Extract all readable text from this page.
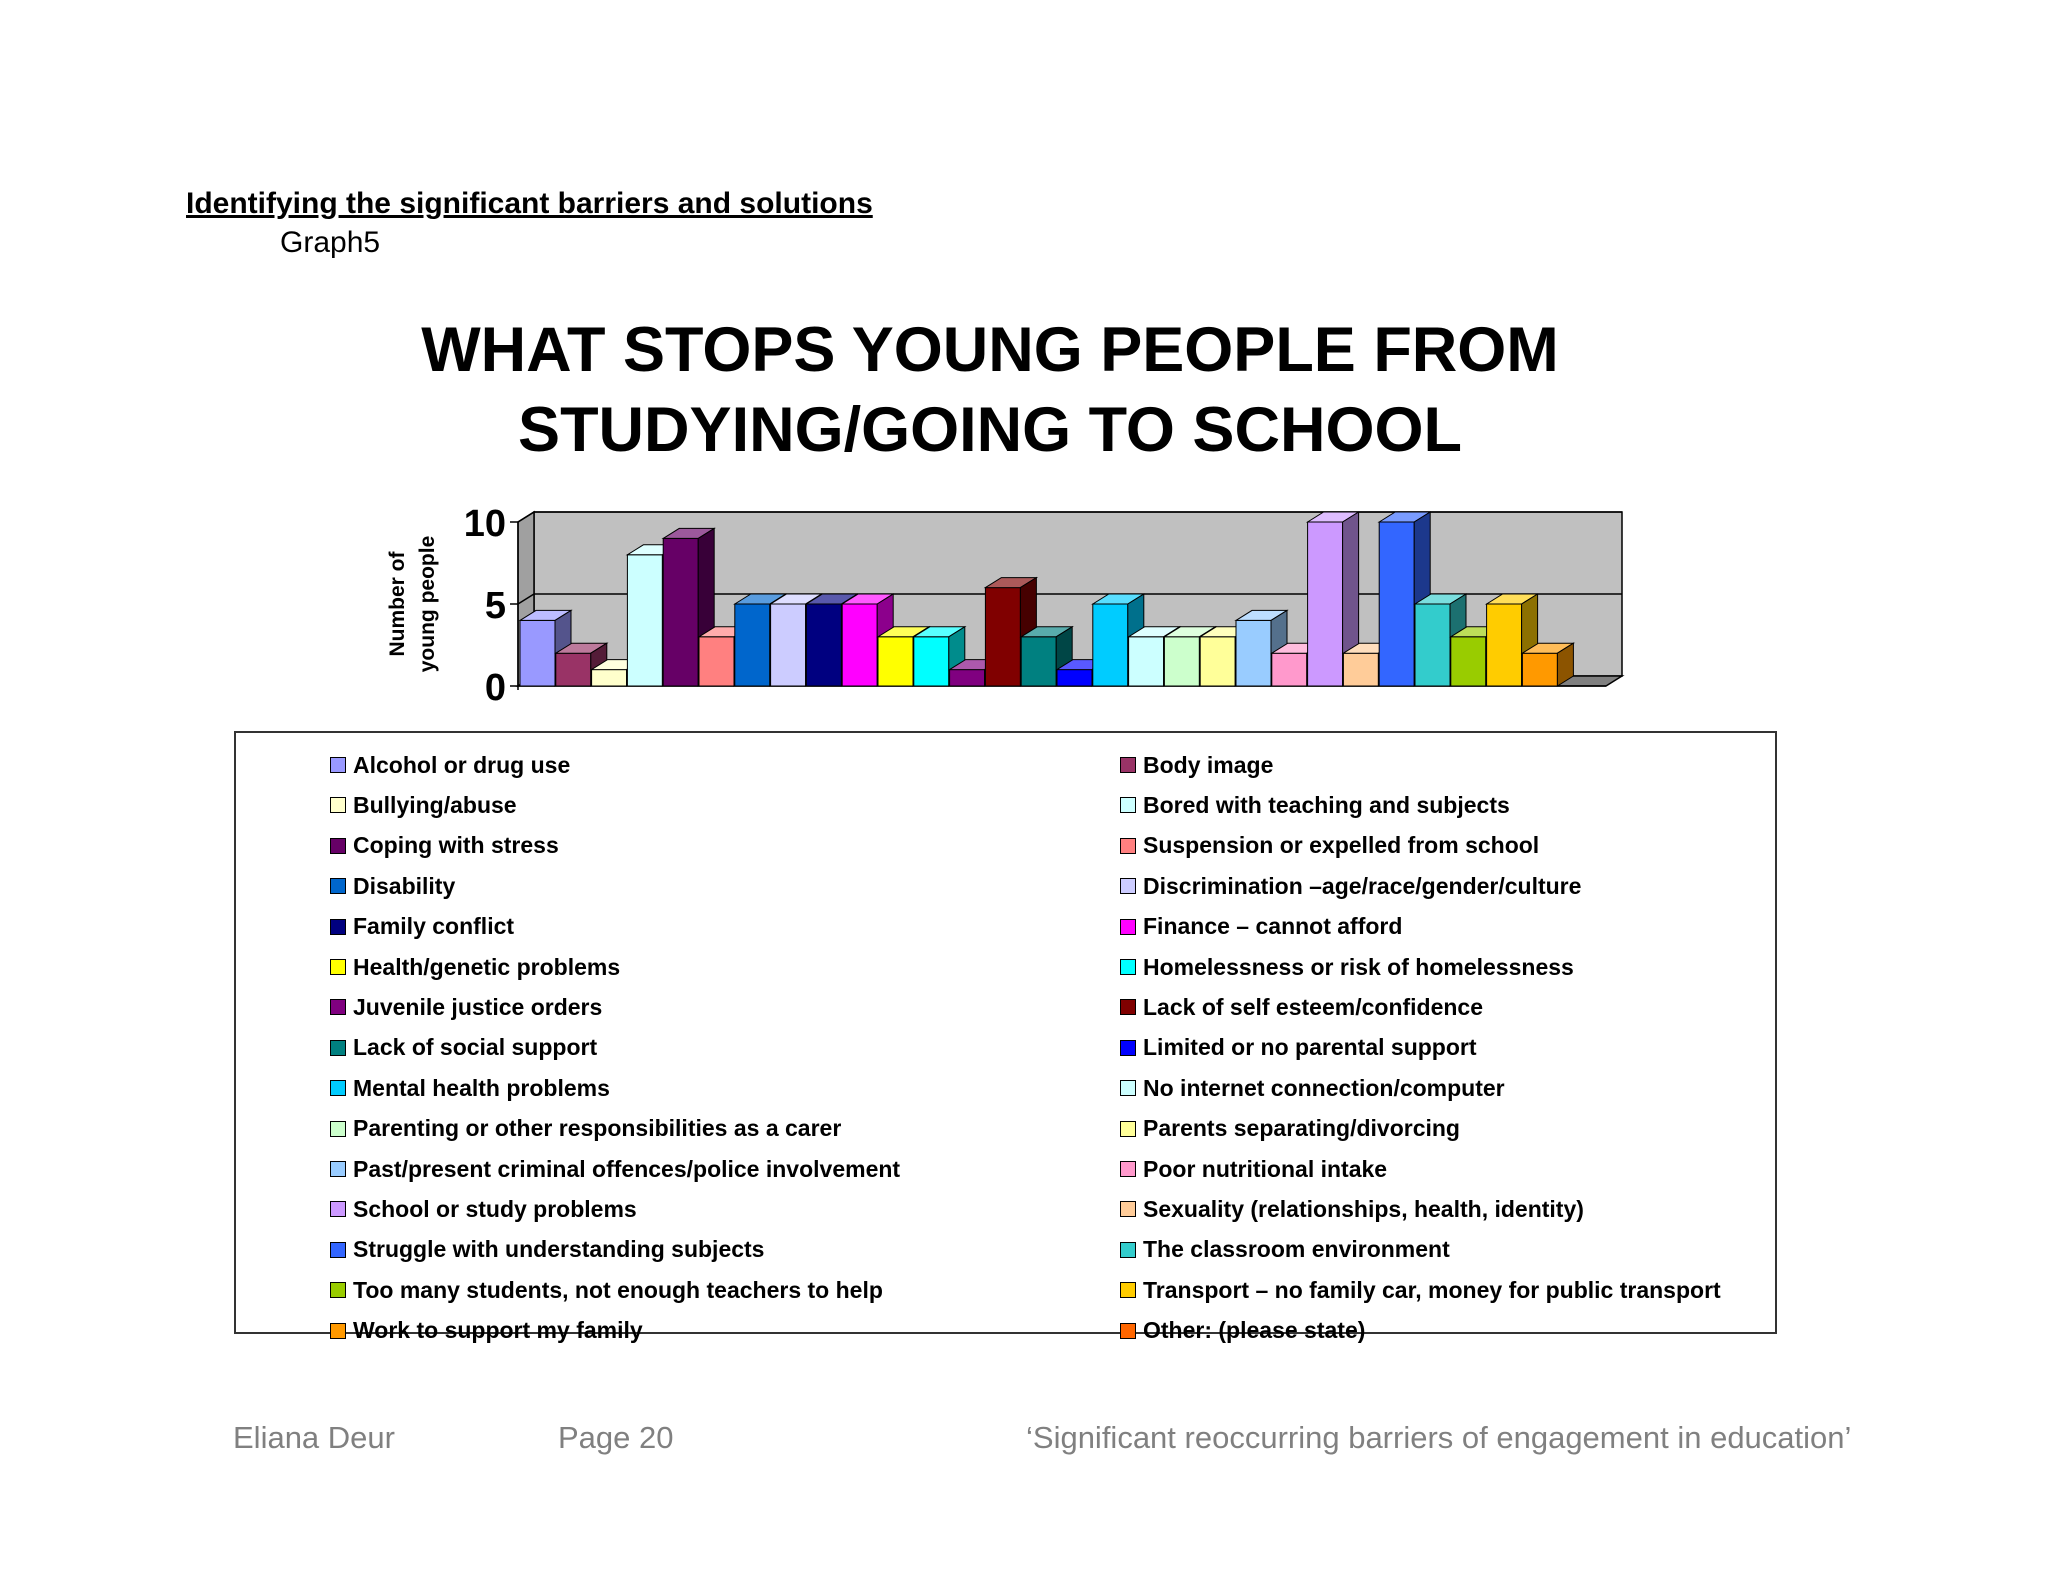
Identifying the significant barriers and solutions
Graph5
WHAT STOPS YOUNG PEOPLE FROM
STUDYING/GOING TO SCHOOL
Number of young people
0
5
10
Alcohol or drug use	Body image
Bullying/abuse	Bored with teaching and subjects
Coping with stress	Suspension or expelled from school
Disability	Discrimination –age/race/gender/culture
Family conflict	Finance – cannot afford
Health/genetic problems	Homelessness or risk of homelessness
Juvenile justice orders	Lack of self esteem/confidence
Lack of social support	Limited or no parental support
Mental health problems	No internet connection/computer
Parenting or other responsibilities as a carer	Parents separating/divorcing
Past/present criminal offences/police involvement	Poor nutritional intake
School or study problems	Sexuality (relationships, health, identity)
Struggle with understanding subjects	The classroom environment
Too many students, not enough teachers to help	Transport – no family car, money for public transport
Work to support my family	Other: (please state)
Eliana Deur	Page 20	‘Significant reoccurring barriers of engagement in education’
